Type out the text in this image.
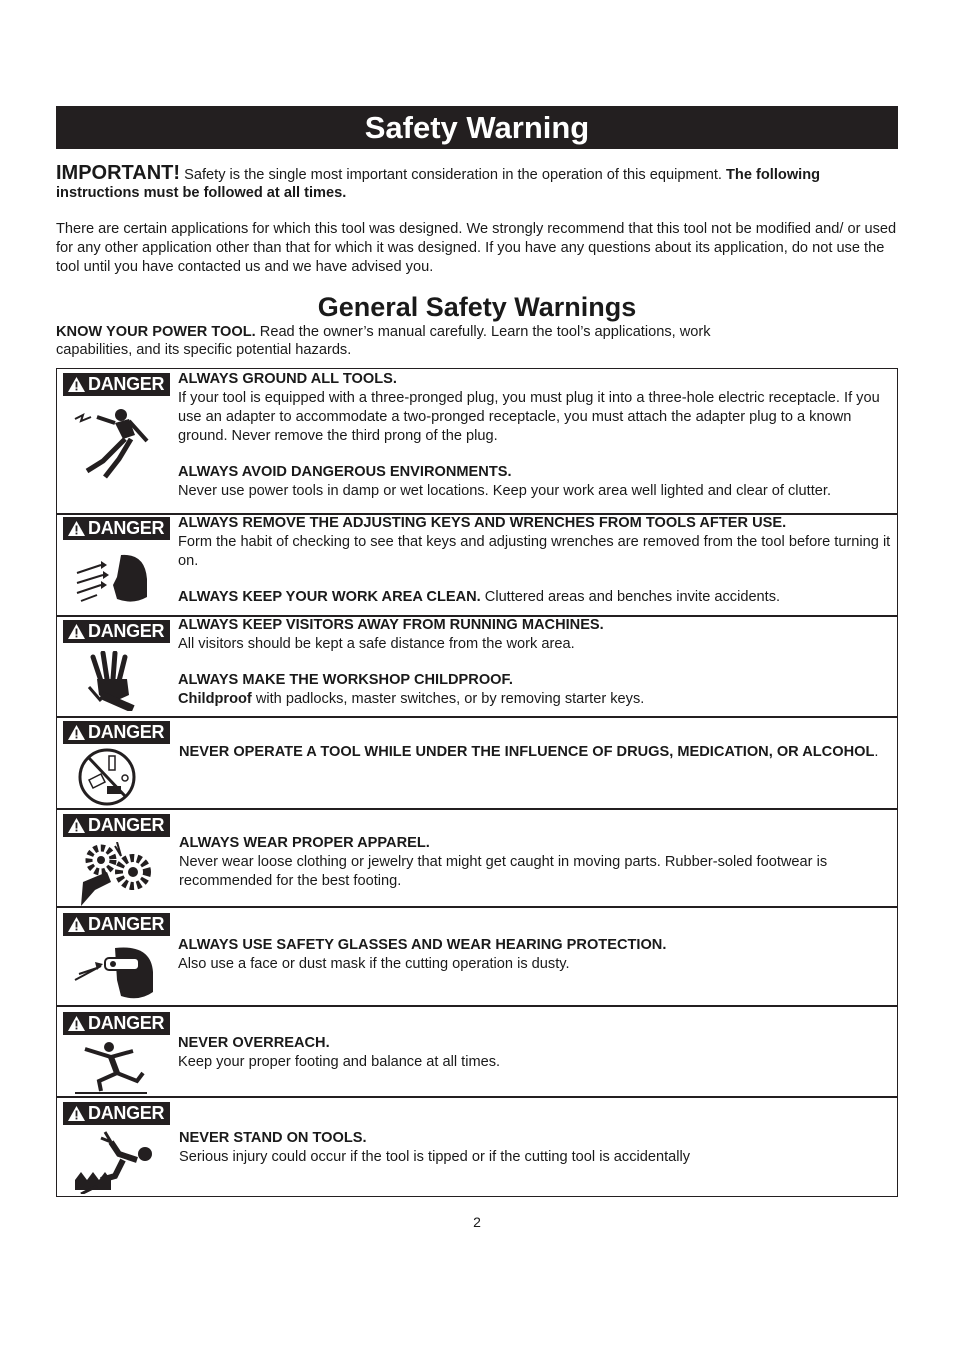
Safety Warning
IMPORTANT! Safety is the single most important consideration in the operation of this equipment. The following instructions must be followed at all times.
There are certain applications for which this tool was designed. We strongly recommend that this tool not be modified and/ or used for any other application other than that for which it was designed. If you have any questions about its application, do not use the tool until you have contacted us and we have advised you.
General Safety Warnings
KNOW YOUR POWER TOOL. Read the owner’s manual carefully. Learn the tool’s applications, work capabilities, and its specific potential hazards.
DANGER ALWAYS GROUND ALL TOOLS.

If your tool is equipped with a three-pronged plug, you must plug it into a three-hole electric receptacle. If you use an adapter to accommodate a two-pronged receptacle, you must attach the adapter plug to a known ground. Never remove the third prong of the plug.

ALWAYS AVOID DANGEROUS ENVIRONMENTS.

Never use power tools in damp or wet locations. Keep your work area well lighted and clear of clutter.

DANGER ALWAYS REMOVE THE ADJUSTING KEYS AND WRENCHES FROM TOOLS AFTER USE.

Form the habit of checking to see that keys and adjusting wrenches are removed from the tool before turning it on.

ALWAYS KEEP YOUR WORK AREA CLEAN. Cluttered areas and benches invite accidents.

DANGER ALWAYS KEEP VISITORS AWAY FROM RUNNING MACHINES.

All visitors should be kept a safe distance from the work area.

ALWAYS MAKE THE WORKSHOP CHILDPROOF.

Childproof with padlocks, master switches, or by removing starter keys.

DANGER

NEVER OPERATE A TOOL WHILE UNDER THE INFLUENCE OF DRUGS, MEDICATION, OR ALCOHOL.

DANGER

ALWAYS WEAR PROPER APPAREL.

Never wear loose clothing or jewelry that might get caught in moving parts. Rubber-soled footwear is recommended for the best footing.

DANGER

ALWAYS USE SAFETY GLASSES AND WEAR HEARING PROTECTION.

Also use a face or dust mask if the cutting operation is dusty.

DANGER

NEVER OVERREACH.

Keep your proper footing and balance at all times.

DANGER

NEVER STAND ON TOOLS.

Serious injury could occur if the tool is tipped or if the cutting tool is accidentally

2
